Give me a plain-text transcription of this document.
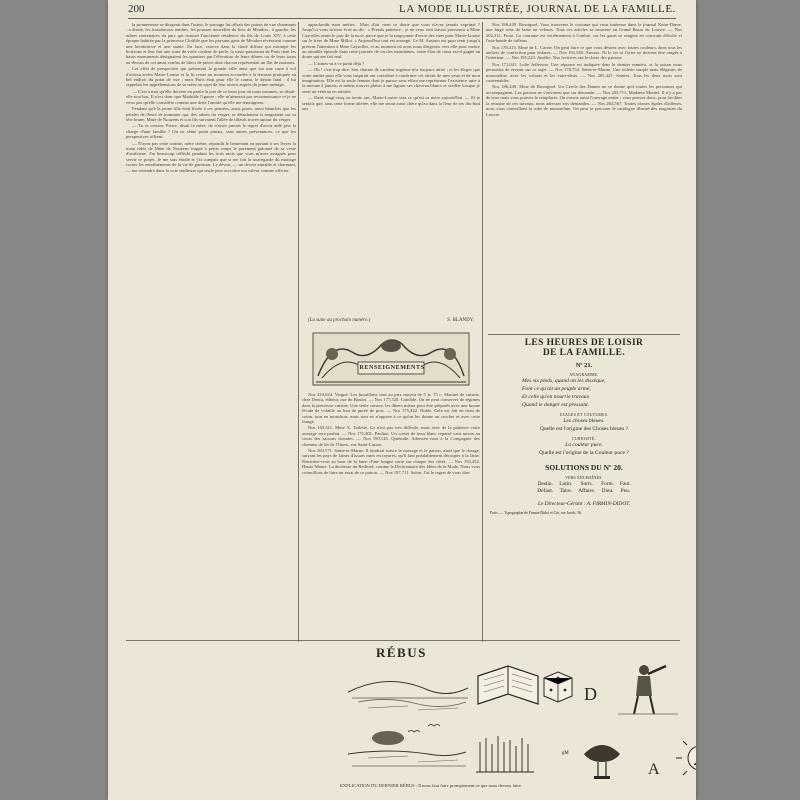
200	LA MODE ILLUSTRÉE, JOURNAL DE LA FAMILLE.

la promeneuse se dirigeait dans l'ouest, le paysage lui offrait des points de vue charmants : à droite, les frondaisons tendres, les pousses nouvelles du bois de Meudon ; à gauche, les arbres centenaires du parc qui entoure l'ancienne résidence du fils de Louis XIV, à cette époque habitée par la princesse Clotilde que les paysans gens de Meudon révéraient comme une bienfaitrice et une sainte. En face, estreva dans la clarté diffuse qui estompe les horizons et leur fait une sorte de voile couleur de perle, la vaste panorama de Paris dont les hauts monuments désignaient les quartiers par l'élévation de leurs dômes ou de leurs tours au-dessus de cet amas confus de blocs de pierre dont chacun représentait un îlot de maisons.

Cet effet de perspective qui présentait la grande ville ainsi que sur une carte à vol d'oiseau arrêta Marie-Louise et la fit rester un moment accoudée à la terrasse pratiquée au bel endroit du point de vue ; mais Paris était pour elle le connu, le destin fatal ; il lui rappelait les appréhensions de sa mère au sujet de leur avenir auprès du jeune ménage.

— C'est à moi qu'elle doivent en partie la joie de ce beau jour où nous sommes, se disait-elle tout bas. Il n'est donc que Mathilde l'ignore ; elle m'aimerait par reconnaissance et je ne veux pas qu'elle considère comme une dette l'amitié qu'elle me témoignera.

Pendant qu'e la jeune fille était livrée à ces pensées, aussi pures, aussi blanches que les pétales de fleurs de pommier qui, des arbres du verger, se détachaient et neigeaient sur sa tête brune, Mme de Nouzens et son fils suivaient l'allée de tilleuls tracée autour du verger.

— Tu es certain, Pierre, disait la mère, de n'avoir jamais le regret d'avoir aidé prix la charge d'une famille ? On ne sème point jamais, sans autres prévenances, ce que les perspectives offrent.

— N'ayez pas cette crainte, mère chérie, répondit le lieutenant en portant à ses lèvres la main ridée de Mme de Nouzens frappé à petits coups le parement galonné de sa veste d'uniforme. J'ai beaucoup réfléchi pendant les trois mois que vous m'avez assignés pour servir ce projet. Je me suis étudié et j'ai compris que si me fait la sauvegarde du mariage contre les entraînements de la vie de garnison. Le devoir, — un devoir aimable et charmant, — me retiendra dans la voie studieuse qui seule peut accroître ma valeur comme officier.

approfondir mon métier... Mais d'où vient ce doute que vous n'avez jamais exprimé ? Jusqu'ici vous m'avez écrit au dit : « Prends patience ; je ne veux rien laisser pressentir à Mme Cayrolles avant le jour de la noce, parce que je la soupçonne d'avoir des vues pour Marie-Louise sur le frère de Mme Millot. » Aujourd'hui tout est arrangé. Ce M. Austain est pour tenir jusqu'à présent l'attention à Mme Cayrolles, et au moment où nous nous dirigeons vers elle pour mettre un aimable épisode dans cette journée de cercles mondaines, votre élan de cœur est-il gagné au doute qui me fait mal.

— L'aimes-tu à ce point déjà ?

— Oh ! c'est trop dire. Son charme de candeur ingénue m'a toujours attiré ; et les éloges que votre amitié pour elle vous inspirait ont contribué à confirmer cet attrait de mes yeux et de mon imagination. Elle est la seule femme dont je puisse sans effroi me représenter l'existence unie à la mienne à jamais, et même trouver plaisir à me figurer ses cheveux blancs et vieillie lorsque je serai un vétéran en retraite.

— Dans vingt-cinq ou trente ans, Marie-Louise sera ce qu'est sa mère aujourd'hui. — Et je sentais que, sans cette forme altérée, elle me serait aussi chère qu'au dans la fleur de ses dix-huit ans.

(La suite au prochain numéro.)	S. BLANDY.
RENSEIGNEMENTS

Nos 210,024. Vergné. Les brouillons sont au prix moyen de 5 fr. 75 c. Manuel de cuisine, chez Dentu, éditeur, rue du Bouloi. — Nos 177,520. Candide. On ne peut conserver de régimes dans la précieuse cuisine. Une seule cuisine, les dîners mieux pour être préparés avec une bonne fécule de volaille au lieu de purée de pois. — Nos 175,422. Noble. Cela est fait en tissu de coton, non en mouchoir, mais rien en n'oppose à ce qu'on les donne au crochet et avec cette frange.

Nos 163,511. Mme X. Tuilette. Ce n'est pas très difficile, mais avec de la patience votre ouvrage sera parfait. — Nos 172,401. Pauline. Un corset de tissu blanc repassé vaut mieux au cours des saisons chaudes. — Nos 190,145. Quiétude. Adressez-vous à la Compagnie des chemins de fer de l'Ouest, rue Saint-Lazare.

Nos 200,571. Saine-et-Marne. Il faudrait suivre le ouvrage et le patron, ainsi que le tissage, suivant les pays de laines d'issues mies en rayures, qu'il faut préalablement découper à la laine. Remettez-vous au bout de la laine d'une longue sorte sur chaque des côtés. — Nos 193,452. Hauto-Maine. La duchesse du Bedford, comme le Dictionnaire des Idées de la Mode. Nous vous conseillons de faire un essai de ce patron. — Nos 197,711. Salon. J'ai le regret de vous dire.

Nos 186,449. Rossignol. Vous trouverez le costume qui vous intéresse dans le journal Notre-Dame, une large robe de laine en velours. Tous ces articles se trouvent au Grand Bazar du Louvre. — Nos 202,311. Porte. La coutume est extrêmement à l'ombre, car les gants se rangent en couvrant d'étoffe et l'une bande de taffetas.

Nos 178,413. Mme de L. Carrie. On peut faire ce que vous désirez avec toutes couleurs, dans tous les ateliers de confection pour enfants. — Nos 191,560. Arnoux. Ni le fer ni l'acier ne doivent être rangés à l'intérieur. — Nos 195,223. Amélie. Nos lectrices ont le choix des patrons.

Nos 171,041. Lolie Jefferson. Une réponse est indiquée dans le dernier numéro, et la saison nous permettra de revenir sur ce sujet. — Nos 178,754. Seine-et-Marne. Une toilette simple mais élégante, de mousseline, avec les volants et les entre-deux. — Nos 205,421. Saintes. Tous les deux mois sont convenables.

Nos 186,449. Mme de Rossignol. Un Cercle des Dames ne se donne qu'à toutes les personnes qui accompagnent. Les patrons ne s'envoient que sur demande. — Nos 203,711. Madame Montel. Il n'y a pas de rose mais vous pouvez le remplacer. On envoie aussi l'ouvrage entier ; vous pouvez donc, pour faciliter la réussite de ces travaux, nous adresser vos demandes. — Nos 204,567. Toutes choses égales d'ailleurs, nous vous conseillons la robe de mousseline. On peut se procurer le catalogue illustré des magasins du Louvre.

LES HEURES DE LOISIR
DE LA FAMILLE.
Nº 21.
ANAGRAMME.
Mes six pieds, quand on les dissèque,
Font ce qu'ait un peuple armé,
Et celle qu'en nourrie travaux
Quand le danger est pressant.
USAGES ET COUTUMES.
Les choses bleues.
Quelle est l'origine des Choses bleues ?
CURIOSITÉ.
La couleur puce.
Quelle est l'origine de la Couleur puce ?
SOLUTIONS DU Nº 20.
VERS ENCHAÎNÉS.
Destin. Lutin.	Sorts.	Forte. Faut.
Défaut. Taire. Affaire. Dieu. Peu.
Le Directeur-Gérant : A. FIRMIN-DIDOT.
Paris. — Typographie de Firmin-Didot et Cie, rue Jacob, 56.
RÉBUS
D
ᵍᴹ
A
2
EXPLICATION DU DERNIER RÉBUS : Il nous faut faire promptement ce que nous devons faire.
